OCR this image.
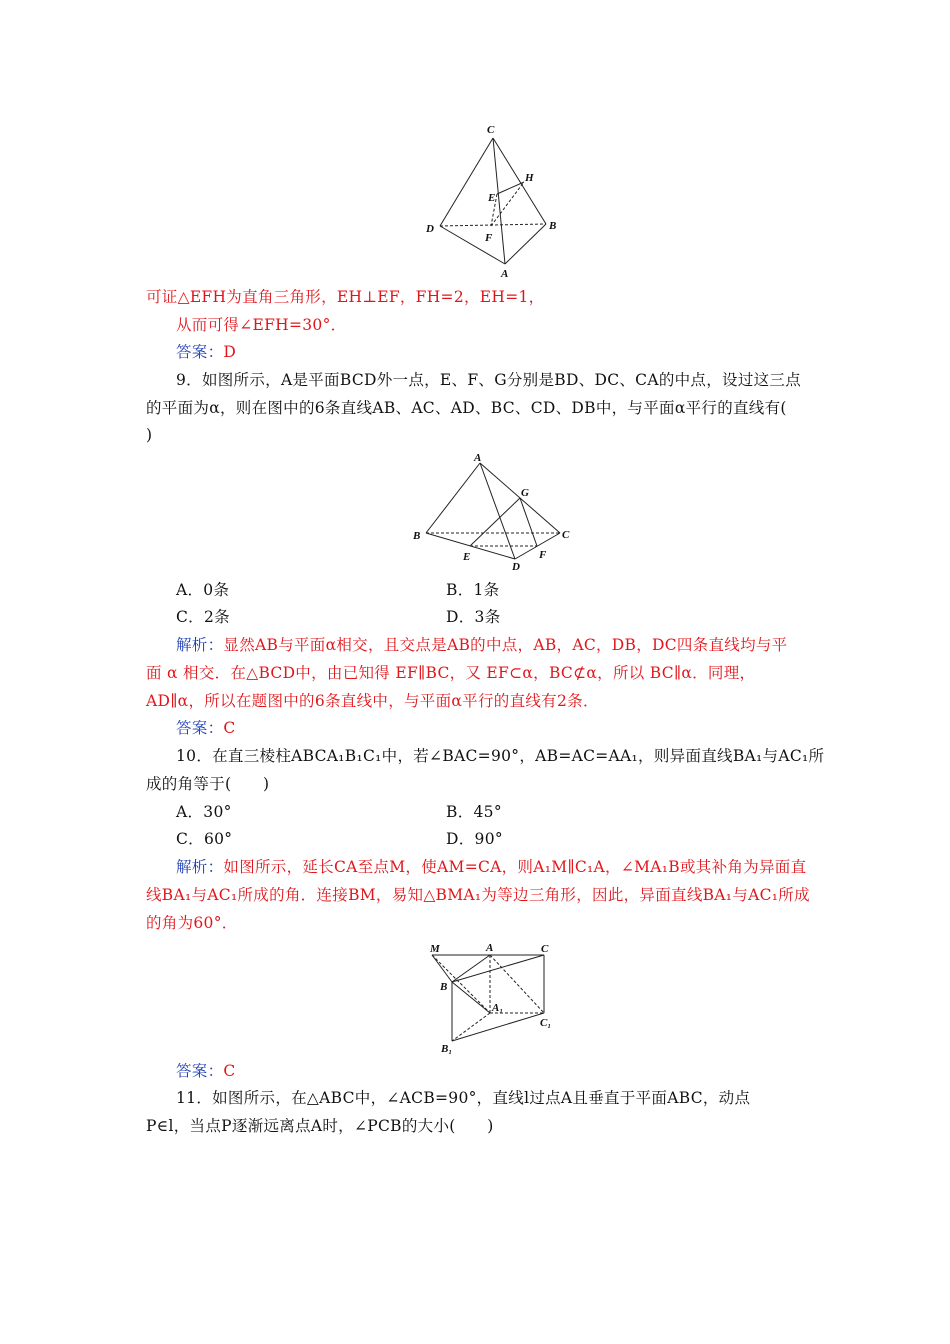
C
H
E
D	B
F
A
可证△EFH为直角三角形，EH⊥EF，FH=2，EH=1，
从而可得∠EFH=30°．
答案：D
9．如图所示，A是平面BCD外一点，E、F、G分别是BD、DC、CA的中点，设过这三点
的平面为α，则在图中的6条直线AB、AC、AD、BC、CD、DB中，与平面α平行的直线有(
)
A
G
B	C
E	F
D
A．0条	B．1条
C．2条	D．3条
解析：显然AB与平面α相交，且交点是AB的中点，AB，AC，DB，DC四条直线均与平
面 α 相交．在△BCD中，由已知得 EF∥BC，又 EF⊂α，BC⊄α，所以 BC∥α．同理，
AD∥α，所以在题图中的6条直线中，与平面α平行的直线有2条．
答案：C
10．在直三棱柱ABCA₁B₁C₁中，若∠BAC=90°，AB=AC=AA₁，则异面直线BA₁与AC₁所
成的角等于(　　)
A．30°	B．45°
C．60°	D．90°
解析：如图所示，延长CA至点M，使AM=CA，则A₁M∥C₁A，∠MA₁B或其补角为异面直
线BA₁与AC₁所成的角．连接BM，易知△BMA₁为等边三角形，因此，异面直线BA₁与AC₁所成
的角为60°．
M	A	C
B
A₁
C₁
B₁
答案：C
11．如图所示，在△ABC中，∠ACB=90°，直线l过点A且垂直于平面ABC，动点
P∈l，当点P逐渐远离点A时，∠PCB的大小(　　)
